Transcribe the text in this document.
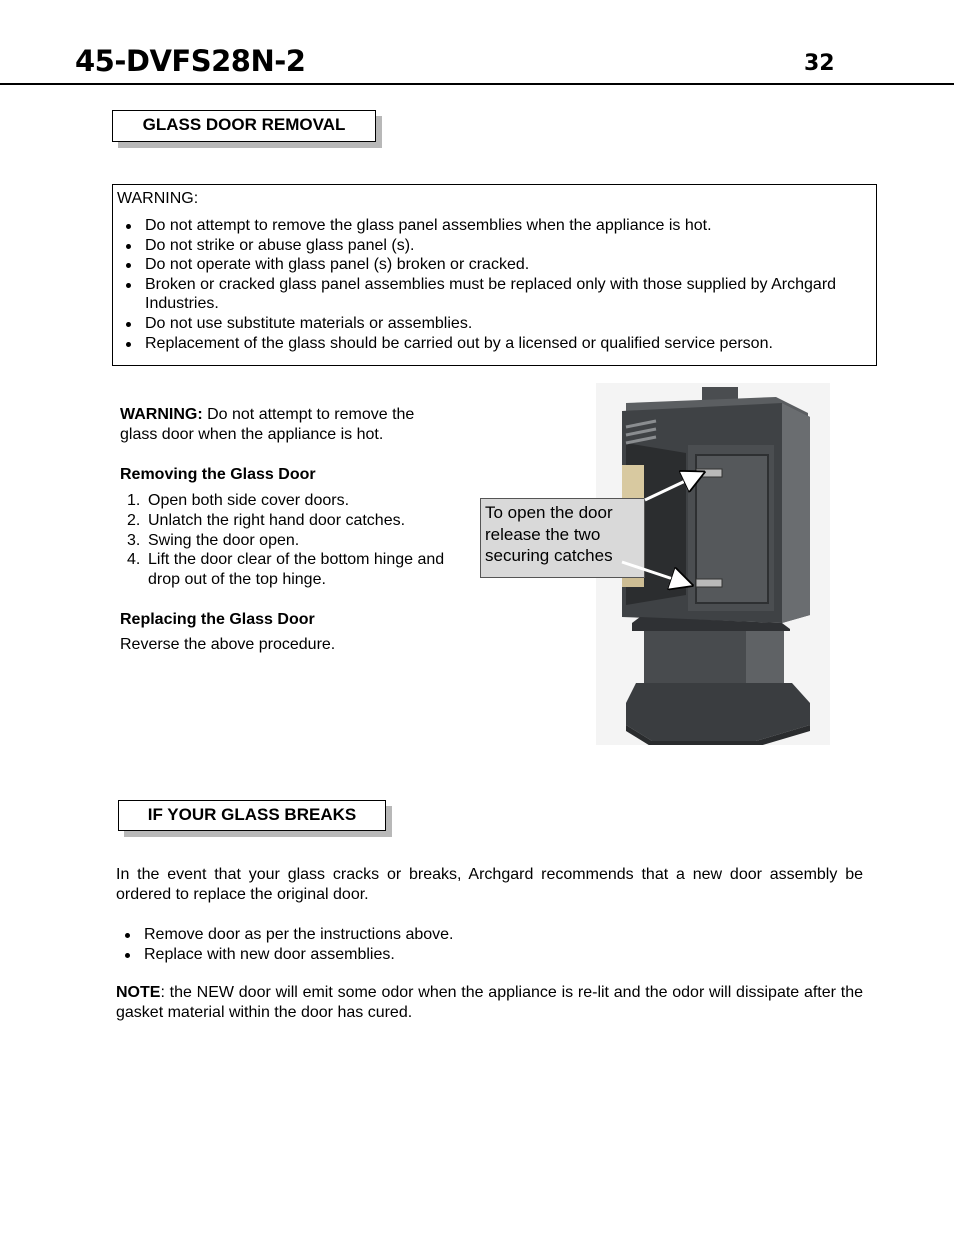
45-DVFS28N-2	32
GLASS DOOR REMOVAL
WARNING:
Do not attempt to remove the glass panel assemblies when the appliance is hot.
Do not strike or abuse glass panel (s).
Do not operate with glass panel (s) broken or cracked.
Broken or cracked glass panel assemblies must be replaced only with those supplied by Archgard Industries.
Do not use substitute materials or assemblies.
Replacement of the glass should be carried out by a licensed or qualified service person.

WARNING: Do not attempt to remove the glass door when the appliance is hot.

Removing the Glass Door

1. Open both side cover doors.
2. Unlatch the right hand door catches.
3. Swing the door open.
4. Lift the door clear of the bottom hinge and drop out of the top hinge.

Replacing the Glass Door

Reverse the above procedure.

To open the door release the two securing catches
IF YOUR GLASS BREAKS
In the event that your glass cracks or breaks, Archgard recommends that a new door assembly be ordered to replace the original door.
Remove door as per the instructions above.
Replace with new door assemblies.

NOTE: the NEW door will emit some odor when the appliance is re-lit and the odor will dissipate after the gasket material within the door has cured.
